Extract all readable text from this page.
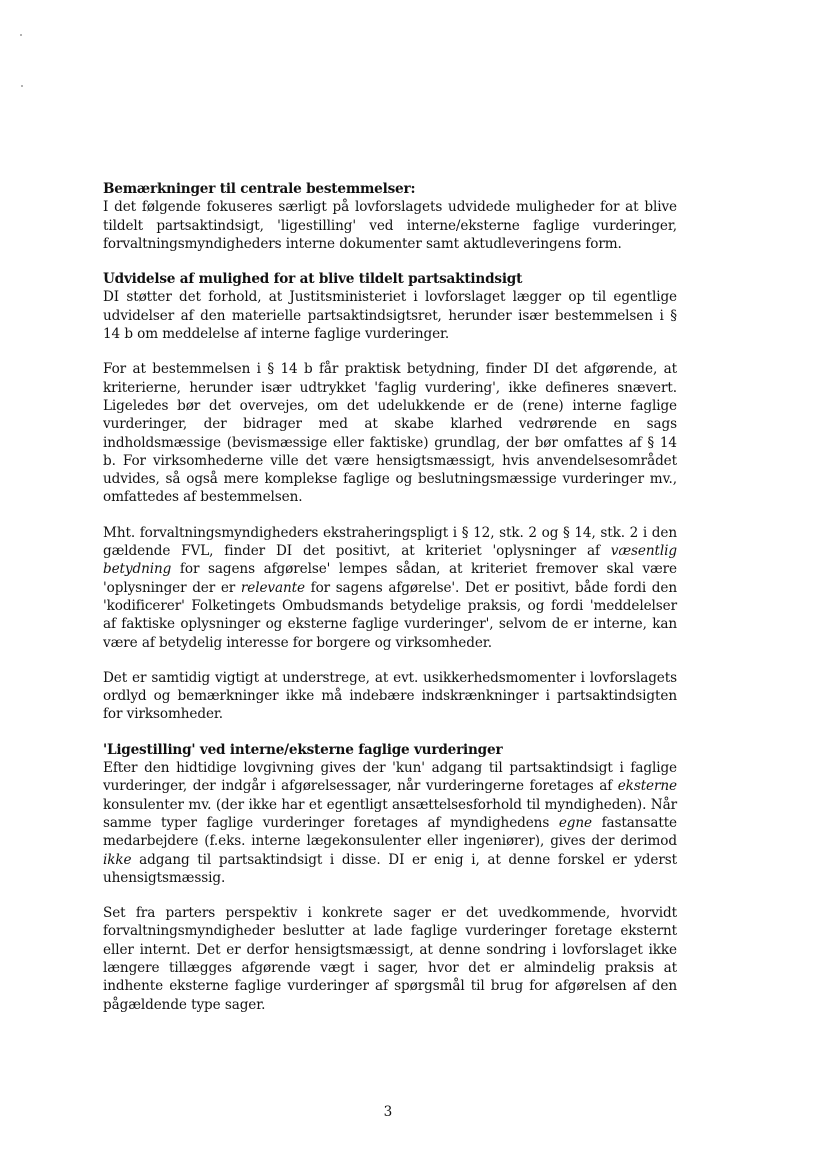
Bemærkninger til centrale bestemmelser:
I det følgende fokuseres særligt på lovforslagets udvidede muligheder for at blive tildelt partsaktindsigt, 'ligestilling' ved interne/eksterne faglige vurderinger, forvaltningsmyndigheders interne dokumenter samt aktudleveringens form.
Udvidelse af mulighed for at blive tildelt partsaktindsigt
DI støtter det forhold, at Justitsministeriet i lovforslaget lægger op til egentlige udvidelser af den materielle partsaktindsigtsret, herunder især bestemmelsen i § 14 b om meddelelse af interne faglige vurderinger.
For at bestemmelsen i § 14 b får praktisk betydning, finder DI det afgørende, at kriterierne, herunder især udtrykket 'faglig vurdering', ikke defineres snævert. Ligeledes bør det overvejes, om det udelukkende er de (rene) interne faglige vurderinger, der bidrager med at skabe klarhed vedrørende en sags indholdsmæssige (bevismæssige eller faktiske) grundlag, der bør omfattes af § 14 b. For virksomhederne ville det være hensigtsmæssigt, hvis anvendelsesområdet udvides, så også mere komplekse faglige og beslutningsmæssige vurderinger mv., omfattedes af bestemmelsen.
Mht. forvaltningsmyndigheders ekstraheringspligt i § 12, stk. 2 og § 14, stk. 2 i den gældende FVL, finder DI det positivt, at kriteriet 'oplysninger af væsentlig betydning for sagens afgørelse' lempes sådan, at kriteriet fremover skal være 'oplysninger der er relevante for sagens afgørelse'. Det er positivt, både fordi den 'kodificerer' Folketingets Ombudsmands betydelige praksis, og fordi 'meddelelser af faktiske oplysninger og eksterne faglige vurderinger', selvom de er interne, kan være af betydelig interesse for borgere og virksomheder.
Det er samtidig vigtigt at understrege, at evt. usikkerhedsmomenter i lovforslagets ordlyd og bemærkninger ikke må indebære indskrænkninger i partsaktindsigten for virksomheder.
'Ligestilling' ved interne/eksterne faglige vurderinger
Efter den hidtidige lovgivning gives der 'kun' adgang til partsaktindsigt i faglige vurderinger, der indgår i afgørelsessager, når vurderingerne foretages af eksterne konsulenter mv. (der ikke har et egentligt ansættelsesforhold til myndigheden). Når samme typer faglige vurderinger foretages af myndighedens egne fastansatte medarbejdere (f.eks. interne lægekonsulenter eller ingeniører), gives der derimod ikke adgang til partsaktindsigt i disse. DI er enig i, at denne forskel er yderst uhensigtsmæssig.
Set fra parters perspektiv i konkrete sager er det uvedkommende, hvorvidt forvaltningsmyndigheder beslutter at lade faglige vurderinger foretage eksternt eller internt. Det er derfor hensigtsmæssigt, at denne sondring i lovforslaget ikke længere tillægges afgørende vægt i sager, hvor det er almindelig praksis at indhente eksterne faglige vurderinger af spørgsmål til brug for afgørelsen af den pågældende type sager.
3
